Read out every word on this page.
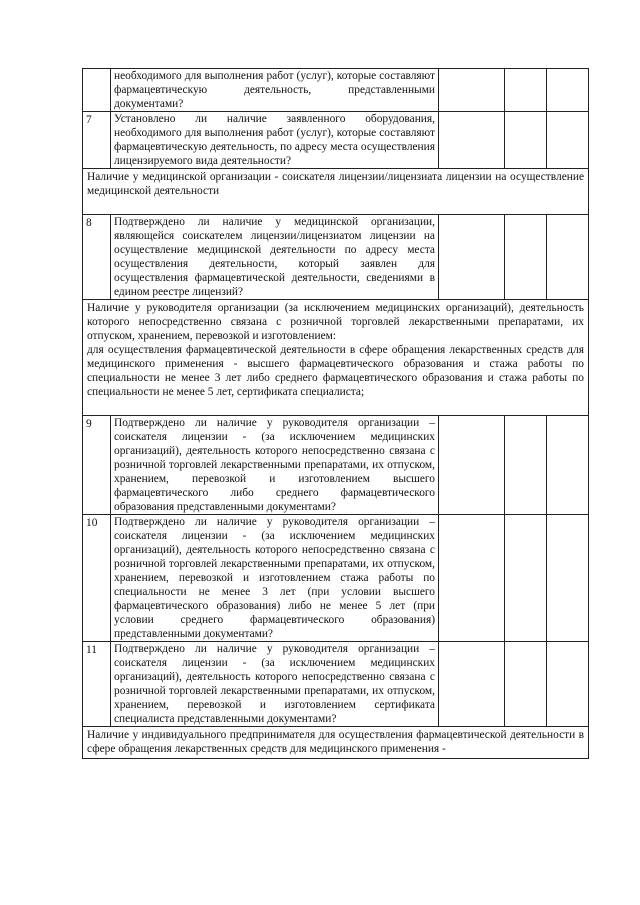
	необходимого для выполнения работ (услуг), которые составляют фармацевтическую деятельность, представленными документами?			
7	Установлено ли наличие заявленного оборудования, необходимого для выполнения работ (услуг), которые составляют фармацевтическую деятельность, по адресу места осуществления лицензируемого вида деятельности?			

Наличие у медицинской организации - соискателя лицензии/лицензиата лицензии на осуществление медицинской деятельности				

8	Подтверждено ли наличие у медицинской организации, являющейся соискателем лицензии/лицензиатом лицензии на осуществление медицинской деятельности по адресу места осуществления деятельности, который заявлен для осуществления фармацевтической деятельности, сведениями в едином реестре лицензий?			

Наличие у руководителя организации (за исключением медицинских организаций), деятельность которого непосредственно связана с розничной торговлей лекарственными препаратами, их отпуском, хранением, перевозкой и изготовлением:
для осуществления фармацевтической деятельности в сфере обращения лекарственных средств для медицинского применения - высшего фармацевтического образования и стажа работы по специальности не менее 3 лет либо среднего фармацевтического образования и стажа работы по специальности не менее 5 лет, сертификата специалиста;				

9	Подтверждено ли наличие у руководителя организации – соискателя лицензии - (за исключением медицинских организаций), деятельность которого непосредственно связана с розничной торговлей лекарственными препаратами, их отпуском, хранением, перевозкой и изготовлением высшего фармацевтического либо среднего фармацевтического образования представленными документами?			
10	Подтверждено ли наличие у руководителя организации – соискателя лицензии - (за исключением медицинских организаций), деятельность которого непосредственно связана с розничной торговлей лекарственными препаратами, их отпуском, хранением, перевозкой и изготовлением стажа работы по специальности не менее 3 лет (при условии высшего фармацевтического образования) либо не менее 5 лет (при условии среднего фармацевтического образования) представленными документами?			
11	Подтверждено ли наличие у руководителя организации – соискателя лицензии - (за исключением медицинских организаций), деятельность которого непосредственно связана с розничной торговлей лекарственными препаратами, их отпуском, хранением, перевозкой и изготовлением сертификата специалиста представленными документами?			

Наличие у индивидуального предпринимателя для осуществления фармацевтической деятельности в сфере обращения лекарственных средств для медицинского применения -				
